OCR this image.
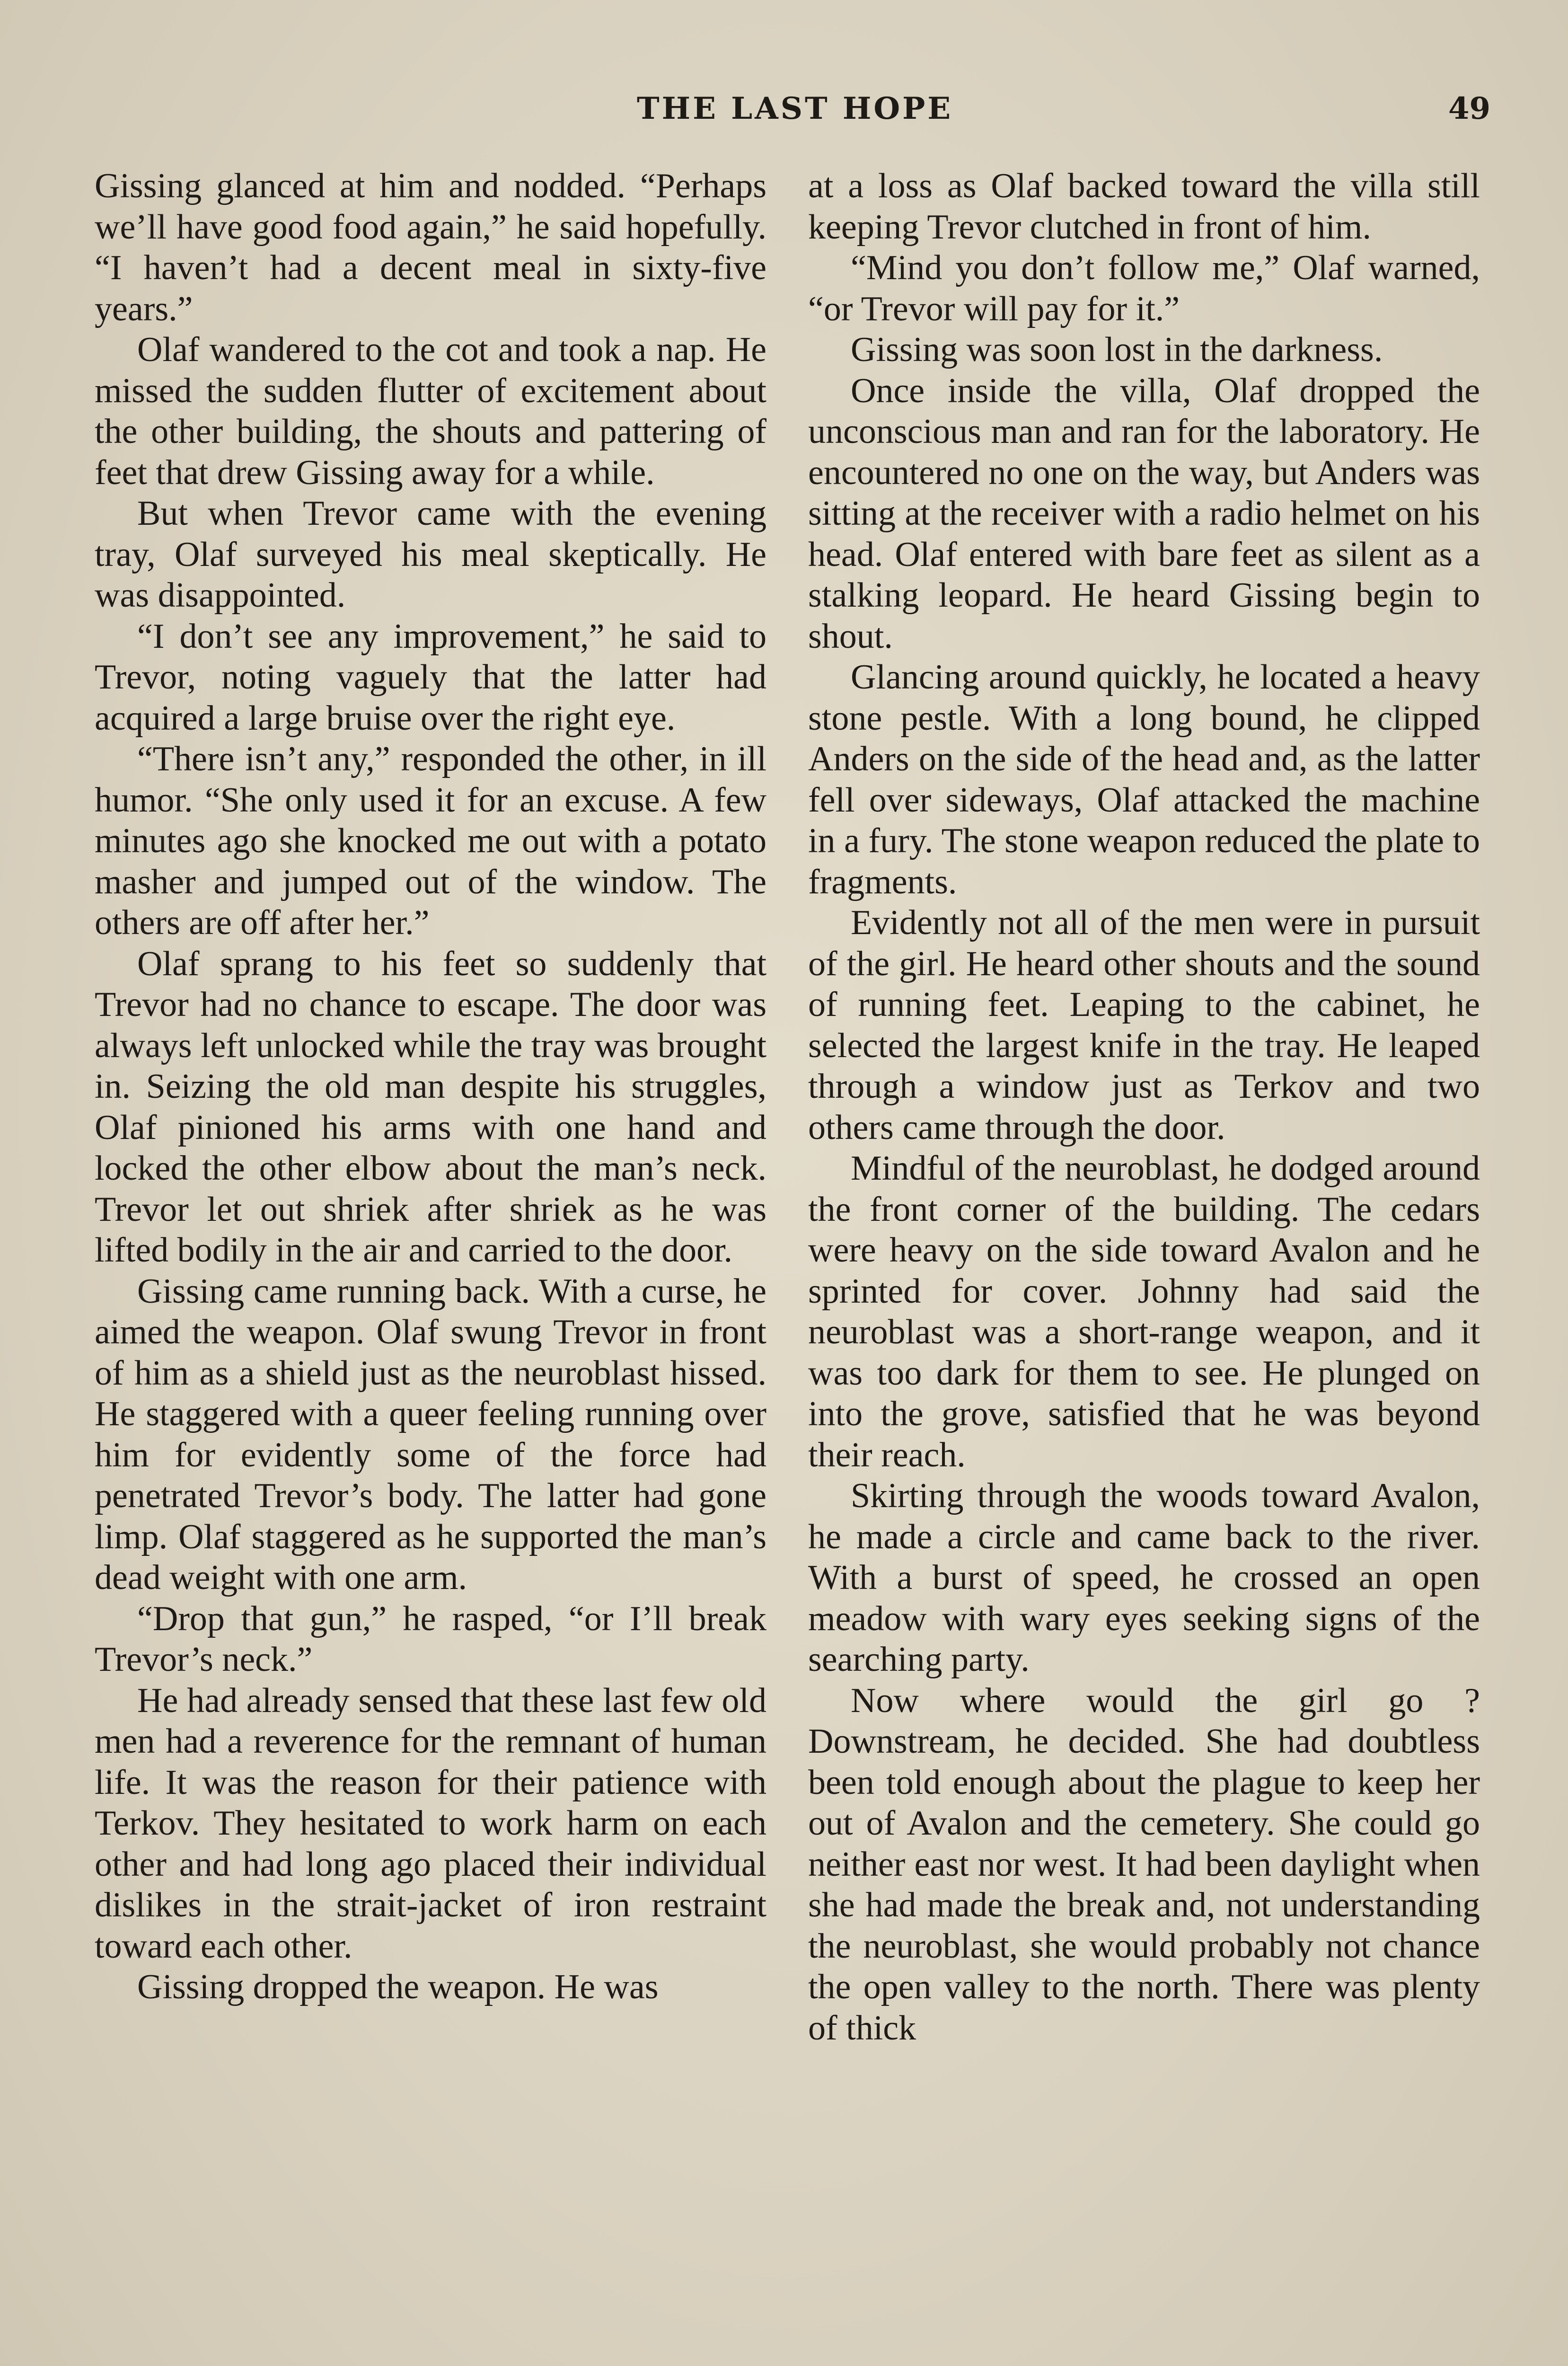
THE LAST HOPE	49

Gissing glanced at him and nodded. “Perhaps we’ll have good food again,” he said hopefully. “I haven’t had a decent meal in sixty-five years.”

Olaf wandered to the cot and took a nap. He missed the sudden flutter of excitement about the other building, the shouts and pattering of feet that drew Gissing away for a while.

But when Trevor came with the evening tray, Olaf surveyed his meal skeptically. He was disappointed.

“I don’t see any improvement,” he said to Trevor, noting vaguely that the latter had acquired a large bruise over the right eye.

“There isn’t any,” responded the other, in ill humor. “She only used it for an excuse. A few minutes ago she knocked me out with a potato masher and jumped out of the window. The others are off after her.”

Olaf sprang to his feet so suddenly that Trevor had no chance to escape. The door was always left unlocked while the tray was brought in. Seizing the old man despite his struggles, Olaf pinioned his arms with one hand and locked the other elbow about the man’s neck. Trevor let out shriek after shriek as he was lifted bodily in the air and carried to the door.

Gissing came running back. With a curse, he aimed the weapon. Olaf swung Trevor in front of him as a shield just as the neuroblast hissed. He staggered with a queer feeling running over him for evidently some of the force had penetrated Trevor’s body. The latter had gone limp. Olaf staggered as he supported the man’s dead weight with one arm.

“Drop that gun,” he rasped, “or I’ll break Trevor’s neck.”

He had already sensed that these last few old men had a reverence for the remnant of human life. It was the reason for their patience with Terkov. They hesitated to work harm on each other and had long ago placed their individual dislikes in the strait-jacket of iron restraint toward each other.

Gissing dropped the weapon. He was

at a loss as Olaf backed toward the villa still keeping Trevor clutched in front of him.

“Mind you don’t follow me,” Olaf warned, “or Trevor will pay for it.”

Gissing was soon lost in the darkness.

Once inside the villa, Olaf dropped the unconscious man and ran for the laboratory. He encountered no one on the way, but Anders was sitting at the receiver with a radio helmet on his head. Olaf entered with bare feet as silent as a stalking leopard. He heard Gissing begin to shout.

Glancing around quickly, he located a heavy stone pestle. With a long bound, he clipped Anders on the side of the head and, as the latter fell over sideways, Olaf attacked the machine in a fury. The stone weapon reduced the plate to fragments.

Evidently not all of the men were in pursuit of the girl. He heard other shouts and the sound of running feet. Leaping to the cabinet, he selected the largest knife in the tray. He leaped through a window just as Terkov and two others came through the door.

Mindful of the neuroblast, he dodged around the front corner of the building. The cedars were heavy on the side toward Avalon and he sprinted for cover. Johnny had said the neuroblast was a short-range weapon, and it was too dark for them to see. He plunged on into the grove, satisfied that he was beyond their reach.

Skirting through the woods toward Avalon, he made a circle and came back to the river. With a burst of speed, he crossed an open meadow with wary eyes seeking signs of the searching party.

Now where would the girl go ? Downstream, he decided. She had doubtless been told enough about the plague to keep her out of Avalon and the cemetery. She could go neither east nor west. It had been daylight when she had made the break and, not understanding the neuroblast, she would probably not chance the open valley to the north. There was plenty of thick
